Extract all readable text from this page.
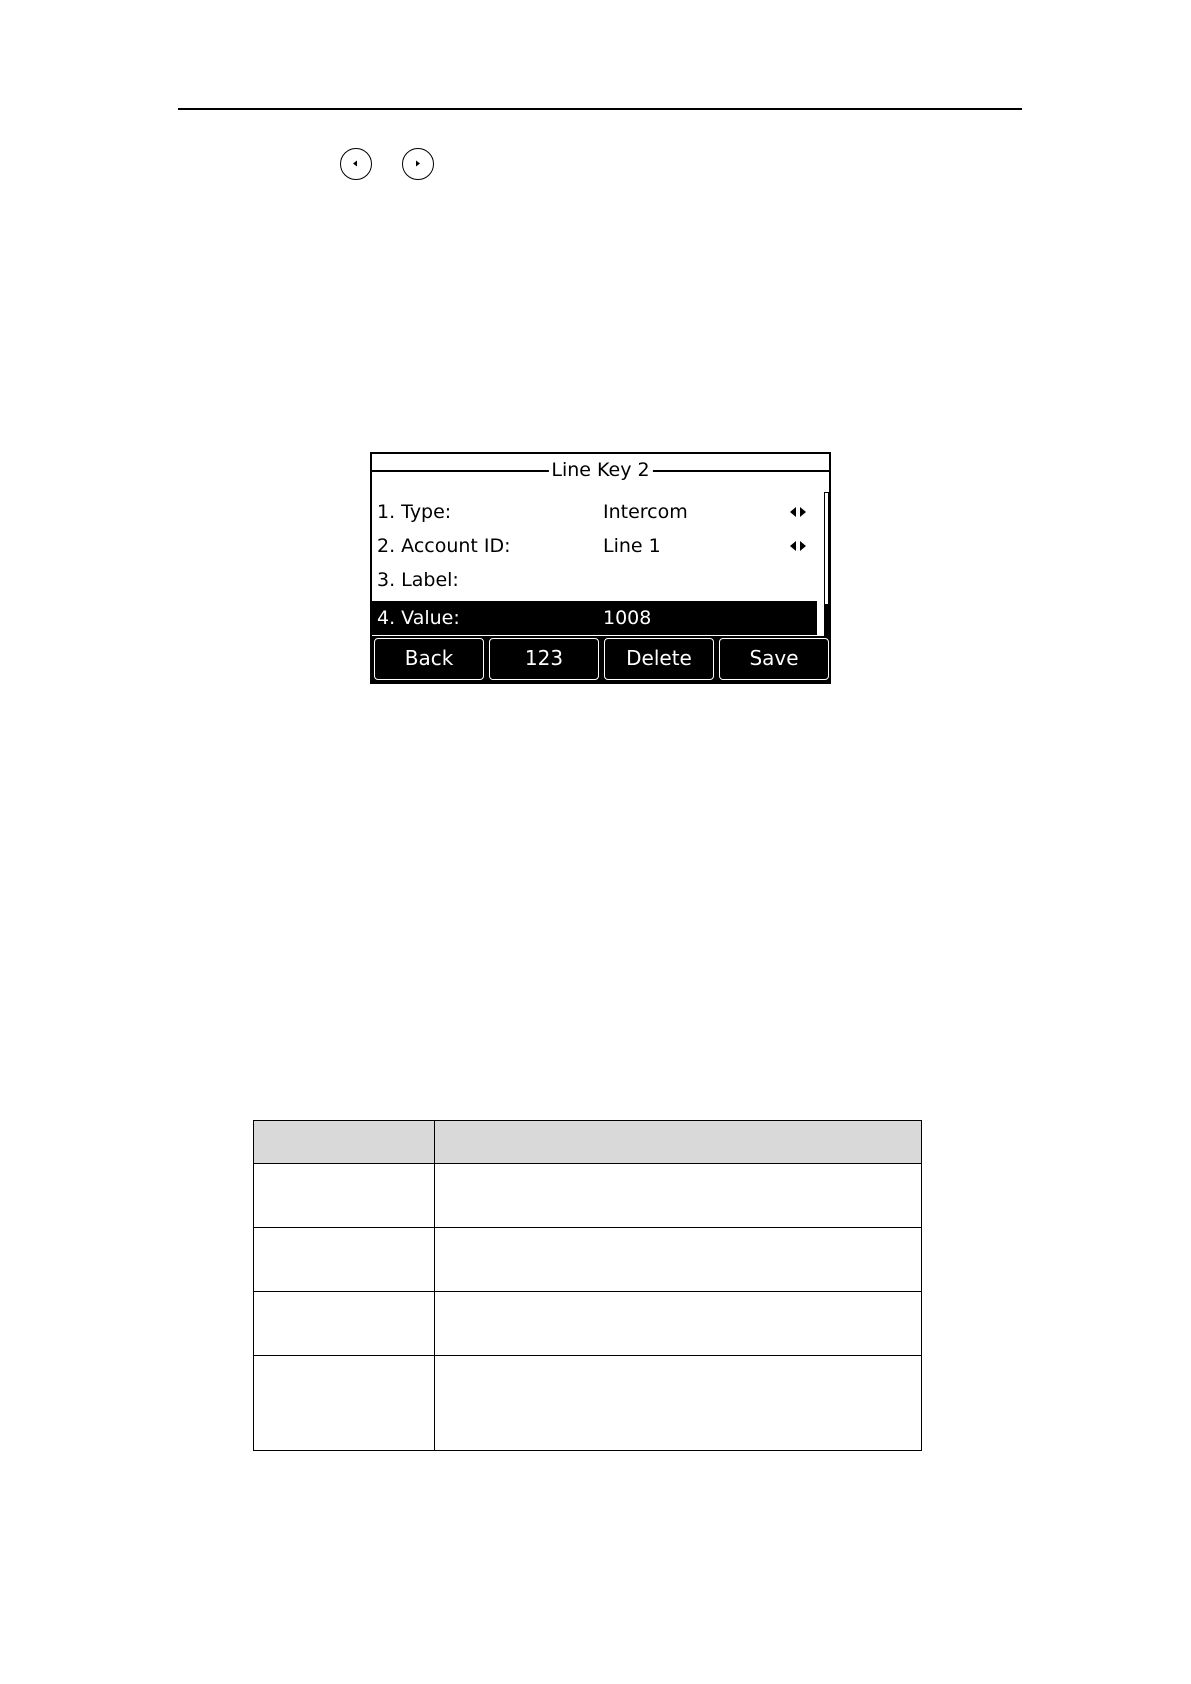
Line Key 2
1. Type:	Intercom
2. Account ID:	Line 1
3. Label:
4. Value:	1008
Back	123	Delete	Save
